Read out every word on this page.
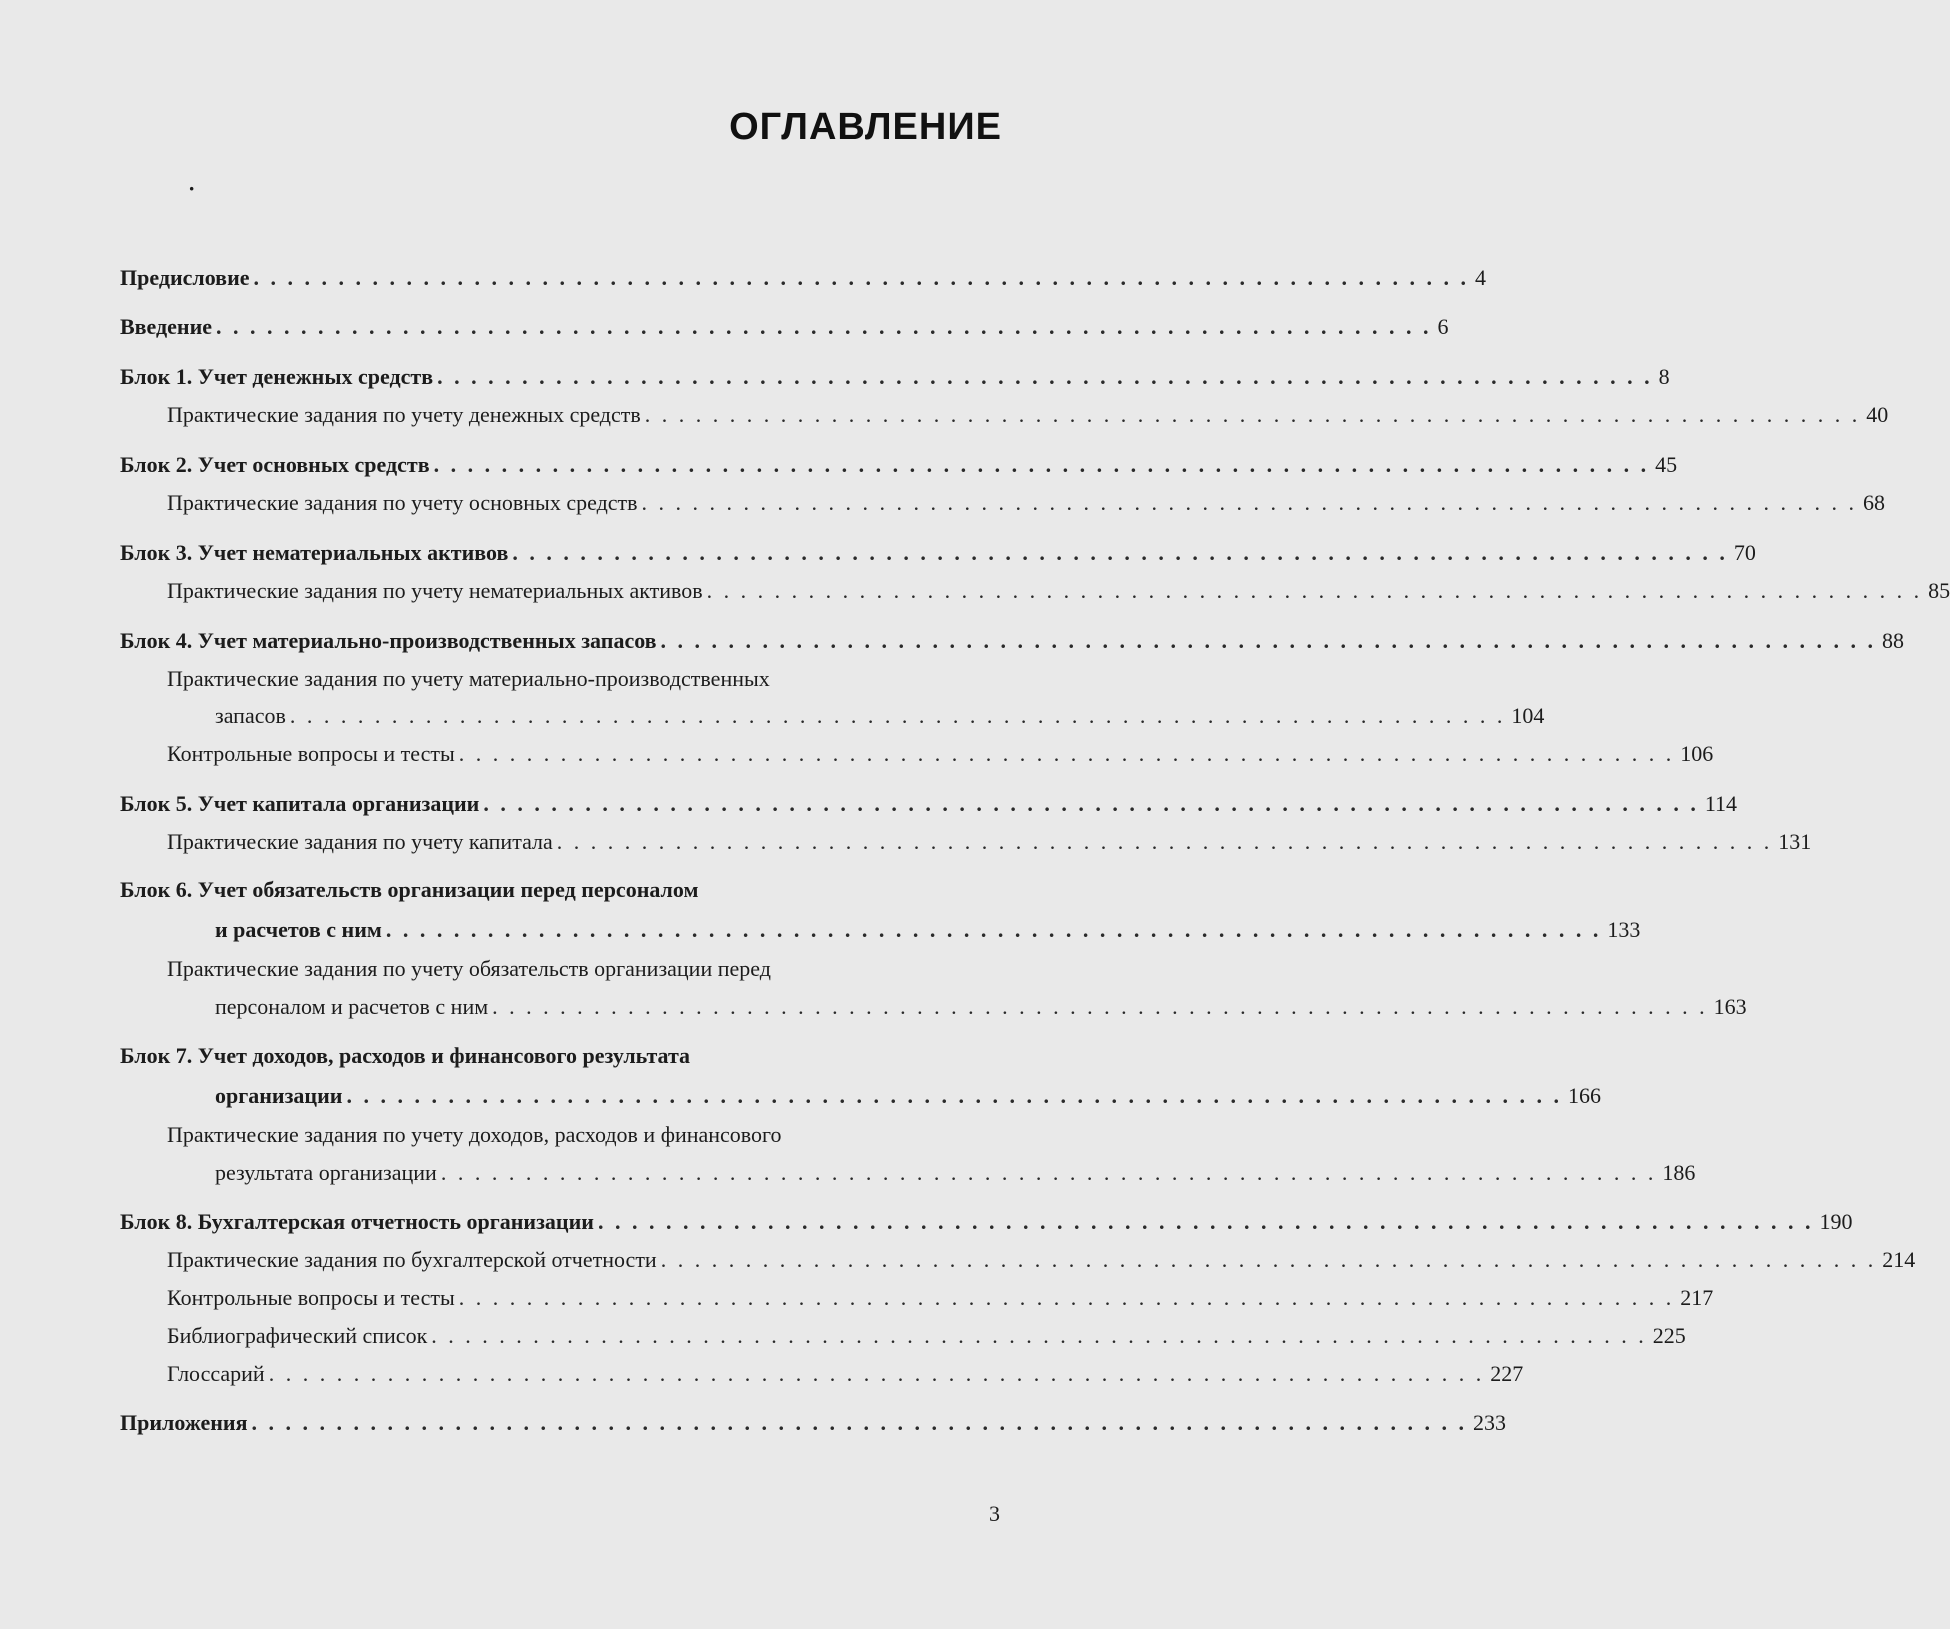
ОГЛАВЛЕНИЕ
·
Предисловие . . . . . . . . . . . . . . . . . . . . . . . . . . . . . . . . . . . . . . . . . . . . . . . . . . . . . . . . . . . . . . . . . . . . . . . . 4
Введение . . . . . . . . . . . . . . . . . . . . . . . . . . . . . . . . . . . . . . . . . . . . . . . . . . . . . . . . . . . . . . . . . . . . . . . . 6
Блок 1. Учет денежных средств . . . . . . . . . . . . . . . . . . . . . . . . . . . . . . . . . . . . . . . . . . . . . . . . . . . . . . . . . . . . . . . . . . . . . . . . 8
Практические задания по учету денежных средств . . . . . . . . . . . . . . . . . . . . . . . . . . . . . . . . . . . . . . . . . . . . . . . . . . . . . . . . . . . . . . . . . . . . . . . . 40
Блок 2. Учет основных средств . . . . . . . . . . . . . . . . . . . . . . . . . . . . . . . . . . . . . . . . . . . . . . . . . . . . . . . . . . . . . . . . . . . . . . . . 45
Практические задания по учету основных средств . . . . . . . . . . . . . . . . . . . . . . . . . . . . . . . . . . . . . . . . . . . . . . . . . . . . . . . . . . . . . . . . . . . . . . . . 68
Блок 3. Учет нематериальных активов . . . . . . . . . . . . . . . . . . . . . . . . . . . . . . . . . . . . . . . . . . . . . . . . . . . . . . . . . . . . . . . . . . . . . . . . 70
Практические задания по учету нематериальных активов . . . . . . . . . . . . . . . . . . . . . . . . . . . . . . . . . . . . . . . . . . . . . . . . . . . . . . . . . . . . . . . . . . . . . . . . 85
Блок 4. Учет материально-производственных запасов . . . . . . . . . . . . . . . . . . . . . . . . . . . . . . . . . . . . . . . . . . . . . . . . . . . . . . . . . . . . . . . . . . . . . . . . 88
Практические задания по учету материально-производственных
запасов . . . . . . . . . . . . . . . . . . . . . . . . . . . . . . . . . . . . . . . . . . . . . . . . . . . . . . . . . . . . . . . . . . . . . . . . 104
Контрольные вопросы и тесты . . . . . . . . . . . . . . . . . . . . . . . . . . . . . . . . . . . . . . . . . . . . . . . . . . . . . . . . . . . . . . . . . . . . . . . . 106
Блок 5. Учет капитала организации . . . . . . . . . . . . . . . . . . . . . . . . . . . . . . . . . . . . . . . . . . . . . . . . . . . . . . . . . . . . . . . . . . . . . . . . 114
Практические задания по учету капитала . . . . . . . . . . . . . . . . . . . . . . . . . . . . . . . . . . . . . . . . . . . . . . . . . . . . . . . . . . . . . . . . . . . . . . . . 131
Блок 6. Учет обязательств организации перед персоналом
и расчетов с ним . . . . . . . . . . . . . . . . . . . . . . . . . . . . . . . . . . . . . . . . . . . . . . . . . . . . . . . . . . . . . . . . . . . . . . . . 133
Практические задания по учету обязательств организации перед
персоналом и расчетов с ним . . . . . . . . . . . . . . . . . . . . . . . . . . . . . . . . . . . . . . . . . . . . . . . . . . . . . . . . . . . . . . . . . . . . . . . . 163
Блок 7. Учет доходов, расходов и финансового результата
организации . . . . . . . . . . . . . . . . . . . . . . . . . . . . . . . . . . . . . . . . . . . . . . . . . . . . . . . . . . . . . . . . . . . . . . . . 166
Практические задания по учету доходов, расходов и финансового
результата организации . . . . . . . . . . . . . . . . . . . . . . . . . . . . . . . . . . . . . . . . . . . . . . . . . . . . . . . . . . . . . . . . . . . . . . . . 186
Блок 8. Бухгалтерская отчетность организации . . . . . . . . . . . . . . . . . . . . . . . . . . . . . . . . . . . . . . . . . . . . . . . . . . . . . . . . . . . . . . . . . . . . . . . . 190
Практические задания по бухгалтерской отчетности . . . . . . . . . . . . . . . . . . . . . . . . . . . . . . . . . . . . . . . . . . . . . . . . . . . . . . . . . . . . . . . . . . . . . . . . 214
Контрольные вопросы и тесты . . . . . . . . . . . . . . . . . . . . . . . . . . . . . . . . . . . . . . . . . . . . . . . . . . . . . . . . . . . . . . . . . . . . . . . . 217
Библиографический список . . . . . . . . . . . . . . . . . . . . . . . . . . . . . . . . . . . . . . . . . . . . . . . . . . . . . . . . . . . . . . . . . . . . . . . . 225
Глоссарий . . . . . . . . . . . . . . . . . . . . . . . . . . . . . . . . . . . . . . . . . . . . . . . . . . . . . . . . . . . . . . . . . . . . . . . . 227
Приложения . . . . . . . . . . . . . . . . . . . . . . . . . . . . . . . . . . . . . . . . . . . . . . . . . . . . . . . . . . . . . . . . . . . . . . . . 233
3
